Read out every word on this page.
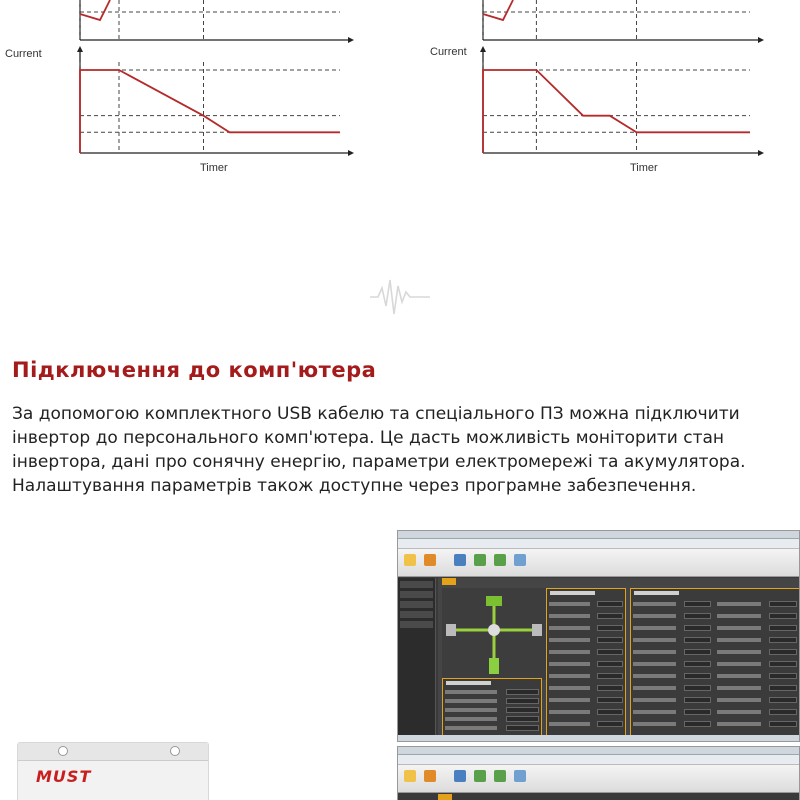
Current
Timer
Current
Timer
Підключення до комп'ютера
За допомогою комплектного USB кабелю та спеціального ПЗ можна підключити
інвертор до персонального комп'ютера. Це дасть можливість моніторити стан
інвертора, дані про сонячну енергію, параметри електромережі та акумулятора.
Налаштування параметрів також доступне через програмне забезпечення.
MUST
